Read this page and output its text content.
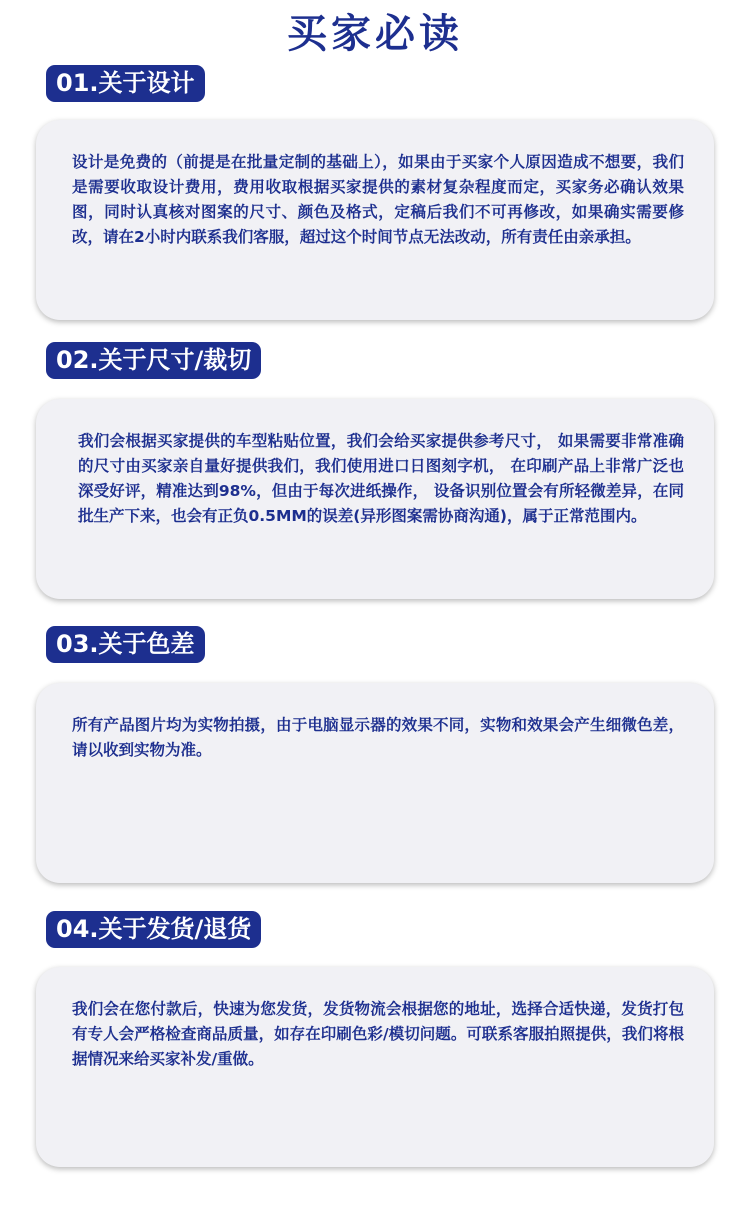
买家必读
01.关于设计
设计是免费的（前提是在批量定制的基础上），如果由于买家个人原因造成不想要，我们是需要收取设计费用，费用收取根据买家提供的素材复杂程度而定，买家务必确认效果图，同时认真核对图案的尺寸、颜色及格式，定稿后我们不可再修改，如果确实需要修改，请在2小时内联系我们客服，超过这个时间节点无法改动，所有责任由亲承担。
02.关于尺寸/裁切
我们会根据买家提供的车型粘贴位置，我们会给买家提供参考尺寸， 如果需要非常准确的尺寸由买家亲自量好提供我们，我们使用进口日图刻字机， 在印刷产品上非常广泛也深受好评，精准达到98%，但由于每次进纸操作， 设备识别位置会有所轻微差异，在同批生产下来，也会有正负0.5MM的误差(异形图案需协商沟通)，属于正常范围内。
03.关于色差
所有产品图片均为实物拍摄，由于电脑显示器的效果不同，实物和效果会产生细微色差，请以收到实物为准。
04.关于发货/退货
我们会在您付款后，快速为您发货，发货物流会根据您的地址，选择合适快递，发货打包有专人会严格检查商品质量，如存在印刷色彩/模切问题。可联系客服拍照提供，我们将根据情况来给买家补发/重做。
